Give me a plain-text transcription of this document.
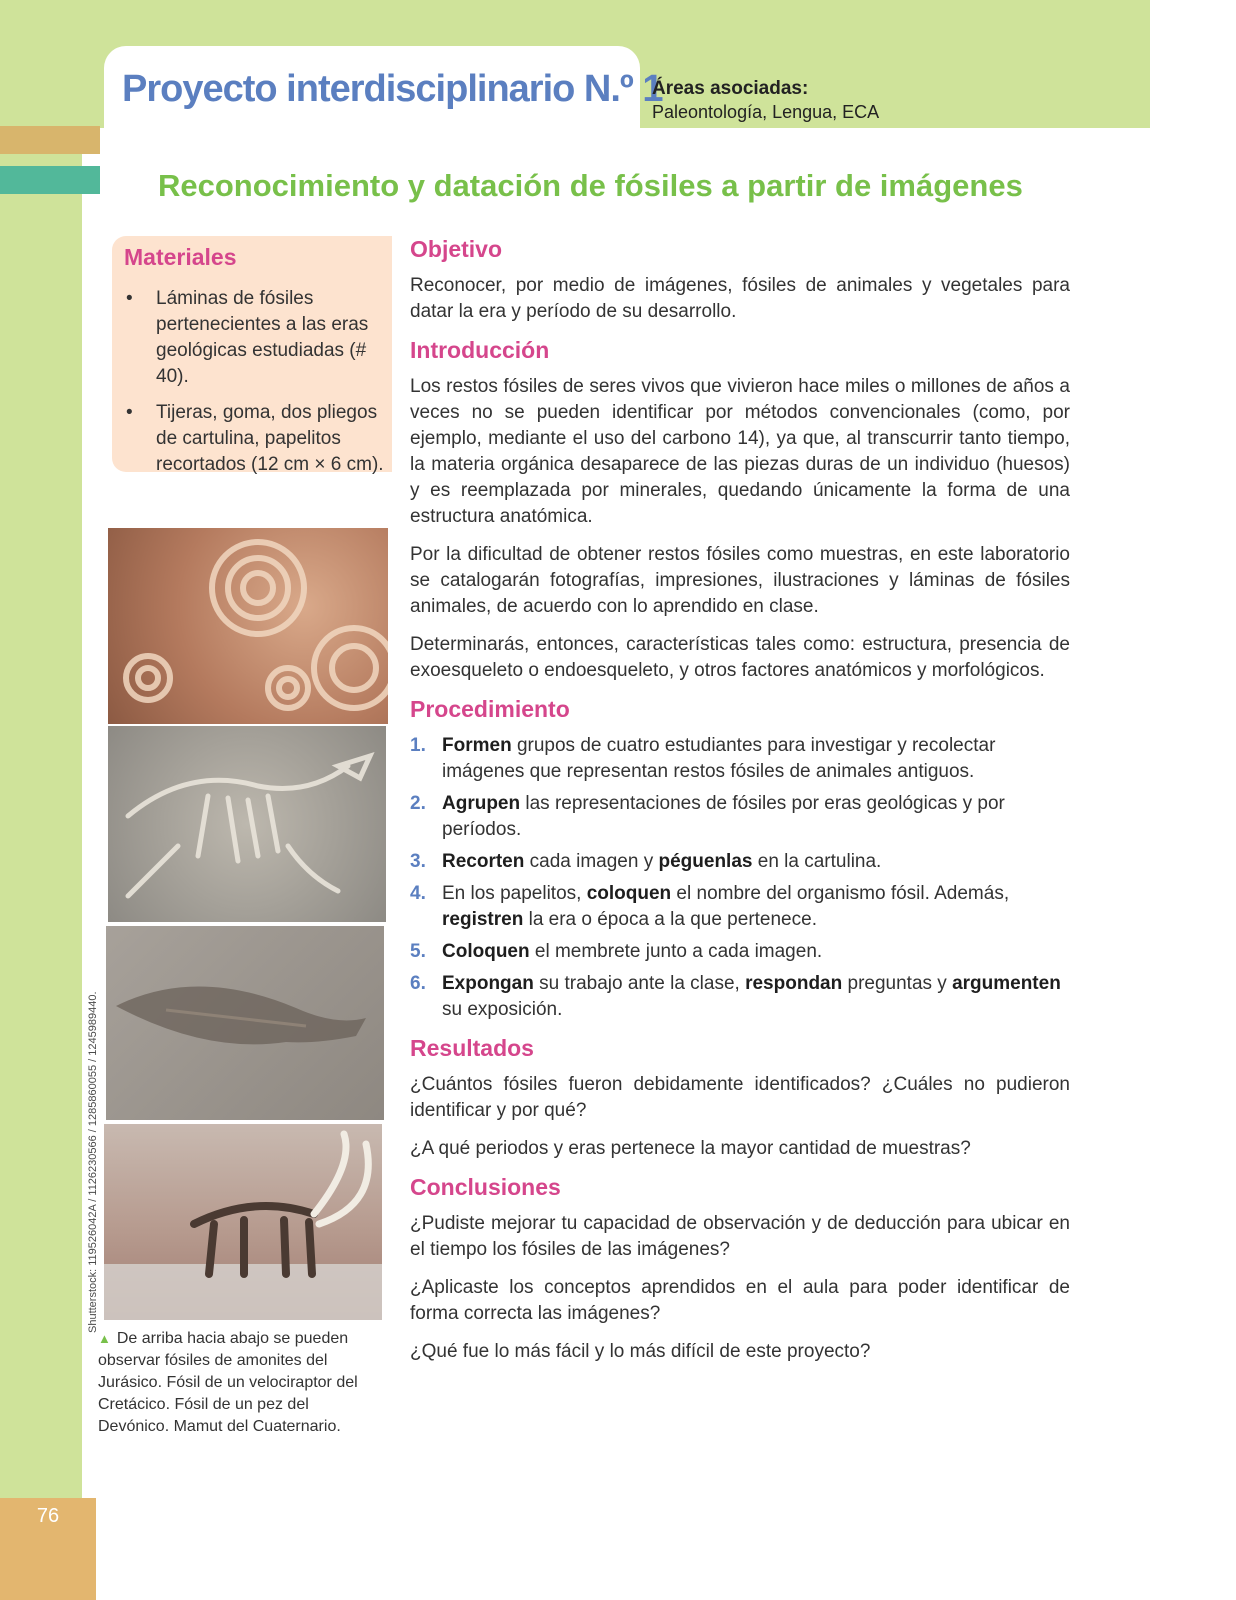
76
Proyecto interdisciplinario N.º 1
Áreas asociadas:
Paleontología, Lengua, ECA
Reconocimiento y datación de fósiles a partir de imágenes
Materiales
• Láminas de fósiles pertenecientes a las eras geológicas estudiadas (# 40).
• Tijeras, goma, dos pliegos de cartulina, papelitos recortados (12 cm × 6 cm).
Shutterstock: 119526042A / 1126230566 / 1285860055 / 1245989440.
▲ De arriba hacia abajo se pueden observar fósiles de amonites del Jurásico. Fósil de un velociraptor del Cretácico. Fósil de un pez del Devónico. Mamut del Cuaternario.
Objetivo

Reconocer, por medio de imágenes, fósiles de animales y vegetales para datar la era y período de su desarrollo.

Introducción

Los restos fósiles de seres vivos que vivieron hace miles o millones de años a veces no se pueden identificar por métodos convencionales (como, por ejemplo, mediante el uso del carbono 14), ya que, al transcurrir tanto tiempo, la materia orgánica desaparece de las piezas duras de un individuo (huesos) y es reemplazada por minerales, quedando únicamente la forma de una estructura anatómica.

Por la dificultad de obtener restos fósiles como muestras, en este laboratorio se catalogarán fotografías, impresiones, ilustraciones y láminas de fósiles animales, de acuerdo con lo aprendido en clase.

Determinarás, entonces, características tales como: estructura, presencia de exoesqueleto o endoesqueleto, y otros factores anatómicos y morfológicos.

Procedimiento
1. Formen grupos de cuatro estudiantes para investigar y recolectar imágenes que representan restos fósiles de animales antiguos.
2. Agrupen las representaciones de fósiles por eras geológicas y por períodos.
3. Recorten cada imagen y péguenlas en la cartulina.
4. En los papelitos, coloquen el nombre del organismo fósil. Además, registren la era o época a la que pertenece.
5. Coloquen el membrete junto a cada imagen.
6. Expongan su trabajo ante la clase, respondan preguntas y argumenten su exposición.
Resultados

¿Cuántos fósiles fueron debidamente identificados? ¿Cuáles no pudieron identificar y por qué?

¿A qué periodos y eras pertenece la mayor cantidad de muestras?

Conclusiones

¿Pudiste mejorar tu capacidad de observación y de deducción para ubicar en el tiempo los fósiles de las imágenes?

¿Aplicaste los conceptos aprendidos en el aula para poder identificar de forma correcta las imágenes?

¿Qué fue lo más fácil y lo más difícil de este proyecto?
